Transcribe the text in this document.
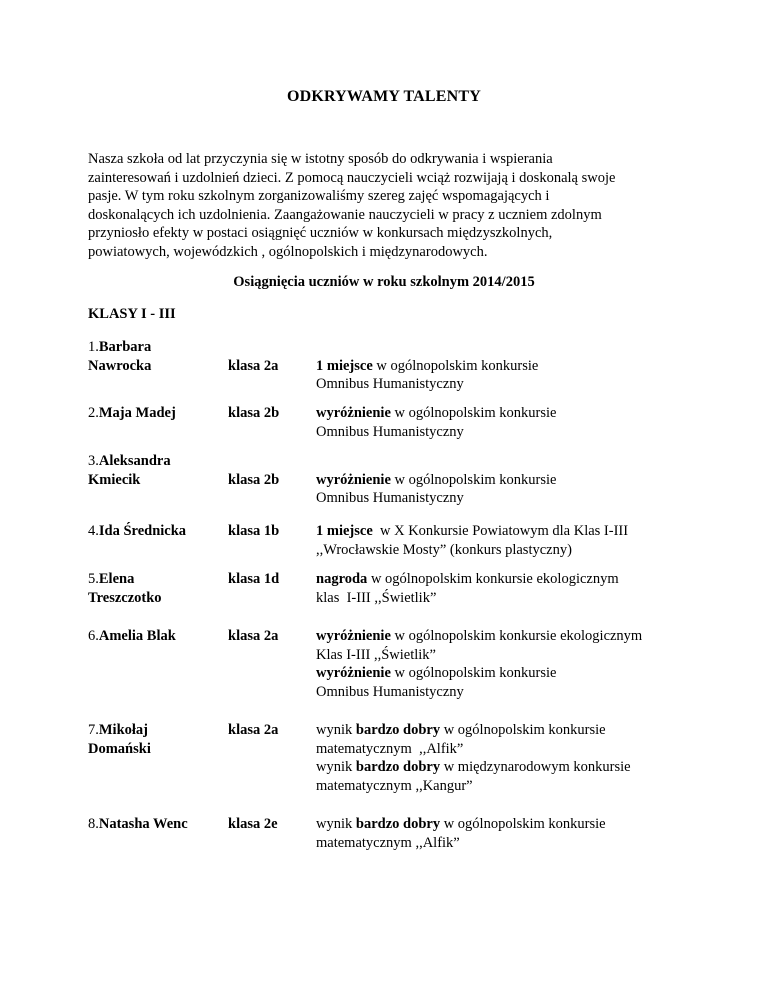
ODKRYWAMY TALENTY
Nasza szkoła od lat przyczynia się w istotny sposób do odkrywania i wspierania
zainteresowań i uzdolnień dzieci. Z pomocą nauczycieli wciąż rozwijają i doskonalą swoje
pasje. W tym roku szkolnym zorganizowaliśmy szereg zajęć wspomagających i
doskonalących ich uzdolnienia. Zaangażowanie nauczycieli w pracy z uczniem zdolnym
przyniosło efekty w postaci osiągnięć uczniów w konkursach międzyszkolnych,
powiatowych, wojewódzkich , ogólnopolskich i międzynarodowych.
Osiągnięcia uczniów w roku szkolnym 2014/2015
KLASY I - III
1.Barbara
Nawrocka	klasa 2a	1 miejsce w ogólnopolskim konkursie
Omnibus Humanistyczny
2.Maja Madej	klasa 2b	wyróżnienie w ogólnopolskim konkursie
Omnibus Humanistyczny
3.Aleksandra
Kmiecik	klasa 2b	wyróżnienie w ogólnopolskim konkursie
Omnibus Humanistyczny
4.Ida Średnicka	klasa 1b	1 miejsce  w X Konkursie Powiatowym dla Klas I-III
,,Wrocławskie Mosty” (konkurs plastyczny)
5.Elena
Treszczotko
klasa 1d	nagroda w ogólnopolskim konkursie ekologicznym
klas  I-III ,,Świetlik”
6.Amelia Blak	klasa 2a	wyróżnienie w ogólnopolskim konkursie ekologicznym
Klas I-III ,,Świetlik”
wyróżnienie w ogólnopolskim konkursie
Omnibus Humanistyczny
7.Mikołaj
Domański
klasa 2a	wynik bardzo dobry w ogólnopolskim konkursie
matematycznym  ,,Alfik”
wynik bardzo dobry w międzynarodowym konkursie
matematycznym ,,Kangur”
8.Natasha Wenc	klasa 2e	wynik bardzo dobry w ogólnopolskim konkursie
matematycznym ,,Alfik”
